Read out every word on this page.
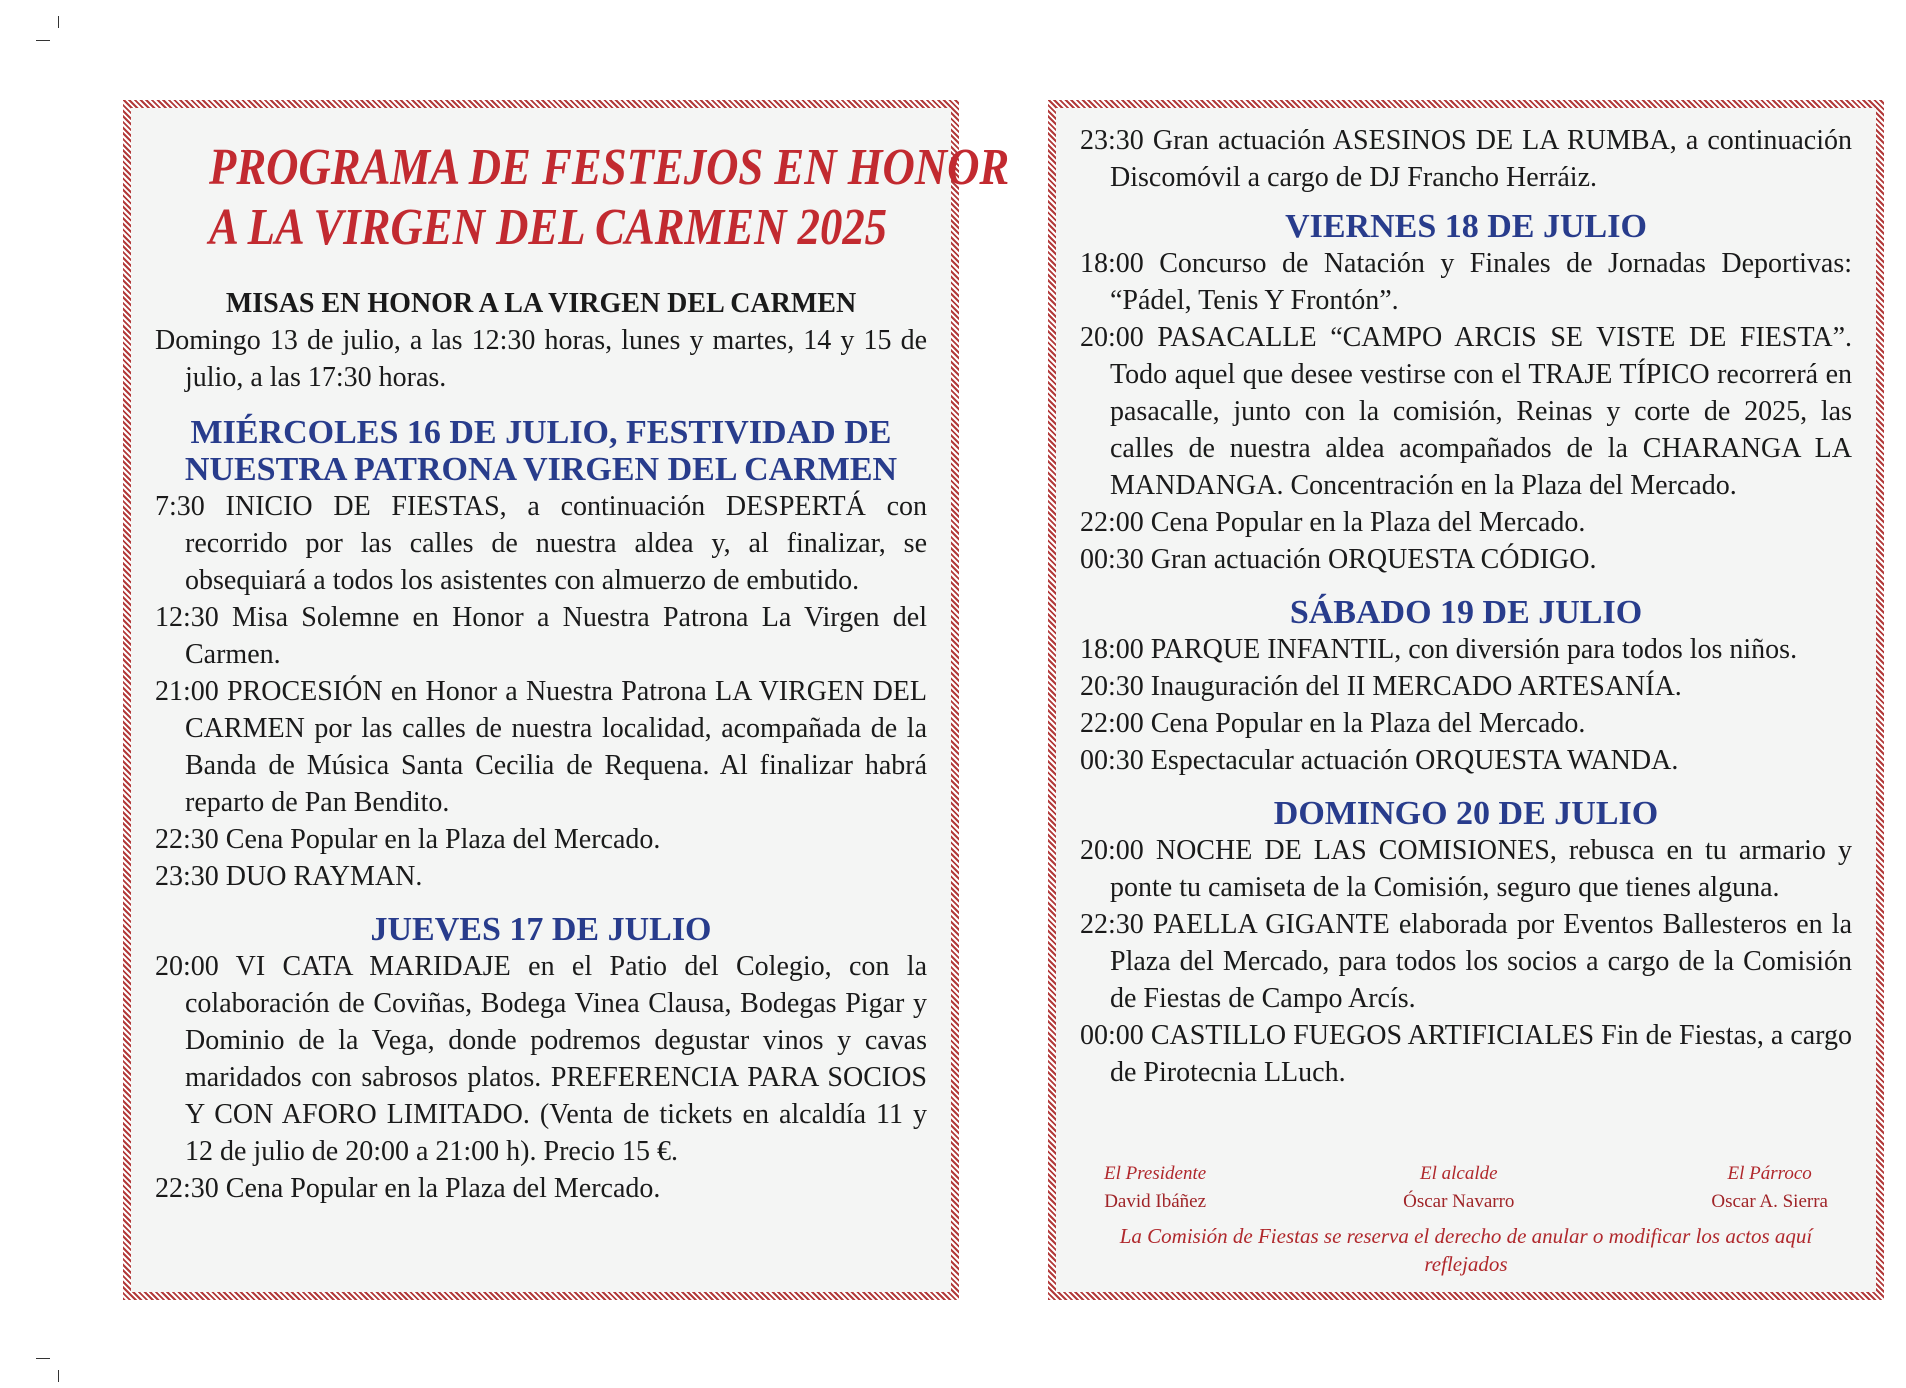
PROGRAMA DE FESTEJOS EN HONOR
A LA VIRGEN DEL CARMEN 2025

MISAS EN HONOR A LA VIRGEN DEL CARMEN

Domingo 13 de julio, a las 12:30 horas, lunes y martes, 14 y 15 de julio, a las 17:30 horas.

MIÉRCOLES 16 DE JULIO, FESTIVIDAD DE
NUESTRA PATRONA VIRGEN DEL CARMEN

7:30 INICIO DE FIESTAS, a continuación DESPERTÁ con recorrido por las calles de nuestra aldea y, al finalizar, se obsequiará a todos los asistentes con almuerzo de embutido.

12:30 Misa Solemne en Honor a Nuestra Patrona La Virgen del Carmen.

21:00 PROCESIÓN en Honor a Nuestra Patrona LA VIRGEN DEL CARMEN por las calles de nuestra localidad, acompañada de la Banda de Música Santa Cecilia de Requena. Al finalizar habrá reparto de Pan Bendito.

22:30 Cena Popular en la Plaza del Mercado.

23:30 DUO RAYMAN.

JUEVES 17 DE JULIO

20:00 VI CATA MARIDAJE en el Patio del Colegio, con la colaboración de Coviñas, Bodega Vinea Clausa, Bodegas Pigar y Dominio de la Vega, donde podremos degustar vinos y cavas maridados con sabrosos platos. PREFERENCIA PARA SOCIOS Y CON AFORO LIMITADO. (Venta de tickets en alcaldía 11 y 12 de julio de 20:00 a 21:00 h). Precio 15 €.

22:30 Cena Popular en la Plaza del Mercado.

23:30 Gran actuación ASESINOS DE LA RUMBA, a continuación Discomóvil a cargo de DJ Francho Herráiz.

VIERNES 18 DE JULIO

18:00 Concurso de Natación y Finales de Jornadas Deportivas: “Pádel, Tenis Y Frontón”.

20:00 PASACALLE “CAMPO ARCIS SE VISTE DE FIESTA”. Todo aquel que desee vestirse con el TRAJE TÍPICO recorrerá en pasacalle, junto con la comisión, Reinas y corte de 2025, las calles de nuestra aldea acompañados de la CHARANGA LA MANDANGA. Concentración en la Plaza del Mercado.

22:00 Cena Popular en la Plaza del Mercado.

00:30 Gran actuación ORQUESTA CÓDIGO.

SÁBADO 19 DE JULIO

18:00 PARQUE INFANTIL, con diversión para todos los niños.

20:30 Inauguración del II MERCADO ARTESANÍA.

22:00 Cena Popular en la Plaza del Mercado.

00:30 Espectacular actuación ORQUESTA WANDA.

DOMINGO 20 DE JULIO

20:00 NOCHE DE LAS COMISIONES, rebusca en tu armario y ponte tu camiseta de la Comisión, seguro que tienes alguna.

22:30 PAELLA GIGANTE elaborada por Eventos Ballesteros en la Plaza del Mercado, para todos los socios a cargo de la Comisión de Fiestas de Campo Arcís.

00:00 CASTILLO FUEGOS ARTIFICIALES Fin de Fiestas, a cargo de Pirotecnia LLuch.

El Presidente
David Ibáñez
El alcalde
Óscar Navarro
El Párroco
Oscar A. Sierra
La Comisión de Fiestas se reserva el derecho de anular o modificar los actos aquí reflejados
